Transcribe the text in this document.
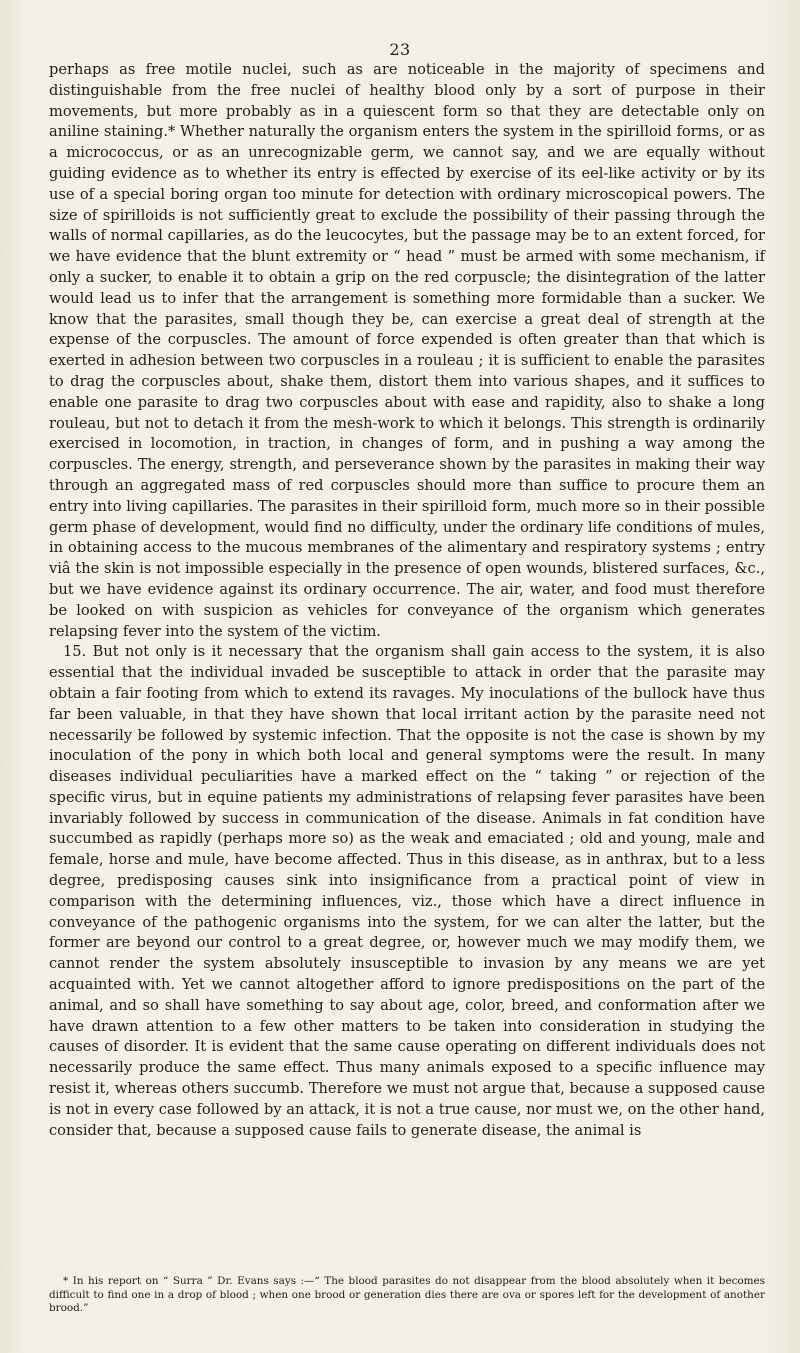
23

perhaps as free motile nuclei, such as are noticeable in the majority of specimens and distinguishable from the free nuclei of healthy blood only by a sort of purpose in their movements, but more probably as in a quiescent form so that they are detectable only on aniline staining.* Whether naturally the organism enters the system in the spirilloid forms, or as a micrococcus, or as an unrecognizable germ, we cannot say, and we are equally without guiding evidence as to whether its entry is effected by exercise of its eel-like activity or by its use of a special boring organ too minute for detection with ordinary microscopical powers. The size of spirilloids is not sufficiently great to exclude the possibility of their passing through the walls of normal capillaries, as do the leucocytes, but the passage may be to an extent forced, for we have evidence that the blunt extremity or “ head ” must be armed with some mechanism, if only a sucker, to enable it to obtain a grip on the red corpuscle; the disintegration of the latter would lead us to infer that the arrangement is something more formidable than a sucker. We know that the parasites, small though they be, can exercise a great deal of strength at the expense of the corpuscles. The amount of force expended is often greater than that which is exerted in adhesion between two corpuscles in a rouleau ; it is sufficient to enable the parasites to drag the corpuscles about, shake them, distort them into various shapes, and it suffices to enable one parasite to drag two corpuscles about with ease and rapidity, also to shake a long rouleau, but not to detach it from the mesh-work to which it belongs. This strength is ordinarily exercised in locomotion, in traction, in changes of form, and in pushing a way among the corpuscles. The energy, strength, and perseverance shown by the parasites in making their way through an aggregated mass of red corpuscles should more than suffice to procure them an entry into living capillaries. The parasites in their spirilloid form, much more so in their possible germ phase of development, would find no difficulty, under the ordinary life conditions of mules, in obtaining access to the mucous membranes of the alimentary and respiratory systems ; entry viâ the skin is not impossible especially in the presence of open wounds, blistered surfaces, &c., but we have evidence against its ordinary occurrence. The air, water, and food must therefore be looked on with suspicion as vehicles for conveyance of the organism which generates relapsing fever into the system of the victim.

15. But not only is it necessary that the organism shall gain access to the system, it is also essential that the individual invaded be susceptible to attack in order that the parasite may obtain a fair footing from which to extend its ravages. My inoculations of the bullock have thus far been valuable, in that they have shown that local irritant action by the parasite need not necessarily be followed by systemic infection. That the opposite is not the case is shown by my inoculation of the pony in which both local and general symptoms were the result. In many diseases individual peculiarities have a marked effect on the “ taking ” or rejection of the specific virus, but in equine patients my administrations of relapsing fever parasites have been invariably followed by success in communication of the disease. Animals in fat condition have succumbed as rapidly (perhaps more so) as the weak and emaciated ; old and young, male and female, horse and mule, have become affected. Thus in this disease, as in anthrax, but to a less degree, predisposing causes sink into insignificance from a practical point of view in comparison with the determining influences, viz., those which have a direct influence in conveyance of the pathogenic organisms into the system, for we can alter the latter, but the former are beyond our control to a great degree, or, however much we may modify them, we cannot render the system absolutely insusceptible to invasion by any means we are yet acquainted with. Yet we cannot altogether afford to ignore predispositions on the part of the animal, and so shall have something to say about age, color, breed, and conformation after we have drawn attention to a few other matters to be taken into consideration in studying the causes of disorder. It is evident that the same cause operating on different individuals does not necessarily produce the same effect. Thus many animals exposed to a specific influence may resist it, whereas others succumb. Therefore we must not argue that, because a supposed cause is not in every case followed by an attack, it is not a true cause, nor must we, on the other hand, consider that, because a supposed cause fails to generate disease, the animal is

* In his report on “ Surra ” Dr. Evans says :—“ The blood parasites do not disappear from the blood absolutely when it becomes difficult to find one in a drop of blood ; when one brood or generation dies there are ova or spores left for the development of another brood.”
